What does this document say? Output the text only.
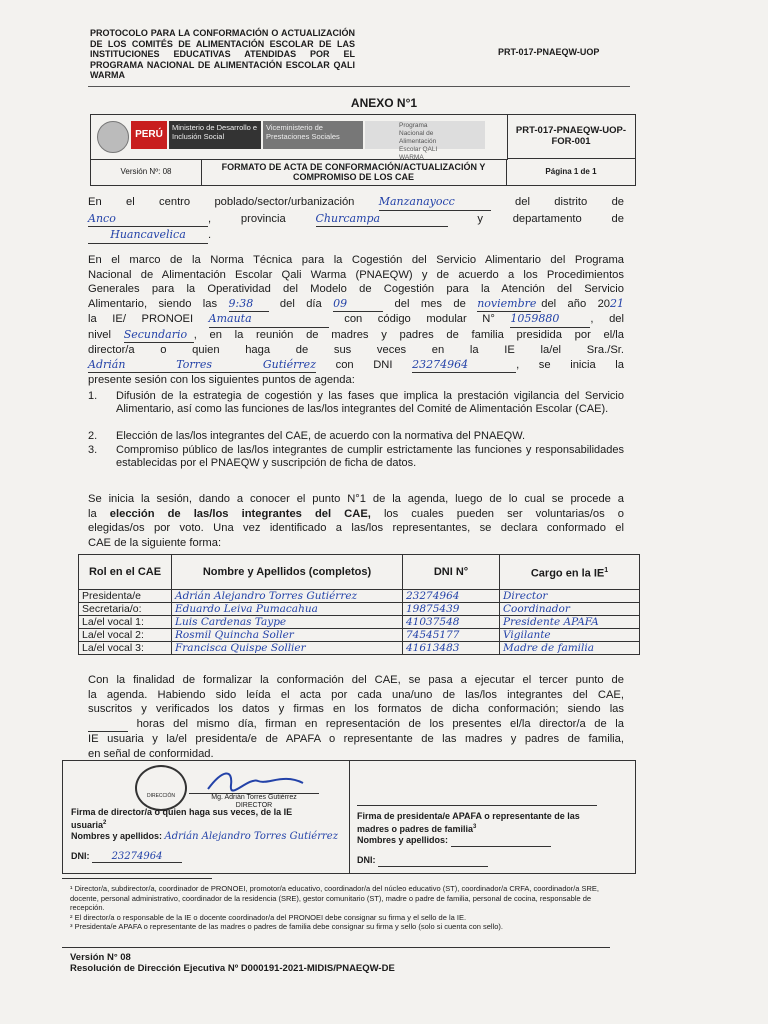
PROTOCOLO PARA LA CONFORMACIÓN O ACTUALIZACIÓN DE LOS COMITÉS DE ALIMENTACIÓN ESCOLAR DE LAS INSTITUCIONES EDUCATIVAS ATENDIDAS POR EL PROGRAMA NACIONAL DE ALIMENTACIÓN ESCOLAR QALI WARMA
PRT-017-PNAEQW-UOP
ANEXO N°1
PERÚ
Ministerio de Desarrollo e Inclusión Social
Viceministerio de Prestaciones Sociales
Programa Nacional de Alimentación Escolar QALI WARMA
PRT-017-PNAEQW-UOP-FOR-001
Versión Nº: 08	FORMATO DE ACTA DE CONFORMACIÓN/ACTUALIZACIÓN Y COMPROMISO DE LOS CAE
Página 1 de 1
En el centro poblado/sector/urbanización Manzanayocc	del distrito de
Anco	, provincia	Churcampa	y departamento de
Huancavelica .
En el marco de la Norma Técnica para la Cogestión del Servicio Alimentario del Programa
Nacional de Alimentación Escolar Qali Warma (PNAEQW) y de acuerdo a los Procedimientos
Generales para la Operatividad del Modelo de Cogestión para la Atención del Servicio
Alimentario, siendo las 9:38 del día 09	del mes de noviembre del año 2021
la IE/ PRONOEI Amauta	con código modular N° 1059880	, del
nivel Secundario , en la reunión de madres y padres de familia presidida por el/la
director/a o quien haga de sus veces en la IE la/el Sra./Sr.
Adrián Torres Gutiérrez con DNI 23274964	, se inicia la
presente sesión con los siguientes puntos de agenda:
1. Difusión de la estrategia de cogestión y las fases que implica la prestación vigilancia del Servicio Alimentario, así como las funciones de las/los integrantes del Comité de Alimentación Escolar (CAE).
2. Elección de las/los integrantes del CAE, de acuerdo con la normativa del PNAEQW.
3. Compromiso público de las/los integrantes de cumplir estrictamente las funciones y responsabilidades establecidas por el PNAEQW y suscripción de ficha de datos.
Se inicia la sesión, dando a conocer el punto N°1 de la agenda, luego de lo cual se procede a
la elección de las/los integrantes del CAE, los cuales pueden ser voluntarias/os o
elegidas/os por voto. Una vez identificado a las/los representantes, se declara conformado el
CAE de la siguiente forma:
Rol en el CAE	Nombre y Apellidos (completos)	DNI N°	Cargo en la $IE^1$
Presidenta/e	Adrián Alejandro Torres Gutiérrez	23274964	Director
Secretaria/o:	Eduardo Leiva Pumacahua	19875439	Coordinador
La/el vocal 1:	Luis Cardenas Taype	41037548	Presidente APAFA
La/el vocal 2:	Rosmil Quincha Soller	74545177	Vigilante
La/el vocal 3:	Francisca Quispe Sollier	41613483	Madre de familia
Con la finalidad de formalizar la conformación del CAE, se pasa a ejecutar el tercer punto de
la agenda. Habiendo sido leída el acta por cada una/uno de las/los integrantes del CAE,
suscritos y verificados los datos y firmas en los formatos de dicha conformación; siendo las
horas del mismo día, firman en representación de los presentes el/la director/a de la
IE usuaria y la/el presidenta/e de APAFA o representante de las madres y padres de familia,
en señal de conformidad.
DIRECCIÓN	Mg. Adrián Torres Gutiérrez
DIRECTOR
Firma de director/a o quien haga sus veces, de la IE
usuaria$^2$
Nombres y apellidos: Adrián Alejandro Torres Gutiérrez
DNI: 23274964
Firma de presidenta/e APAFA o representante de las
madres o padres de familia$^3$
Nombres y apellidos:
DNI:
¹ Director/a, subdirector/a, coordinador de PRONOEI, promotor/a educativo, coordinador/a del núcleo educativo (ST), coordinador/a CRFA, coordinador/a SRE, docente, personal administrativo, coordinador de la residencia (SRE), gestor comunitario (ST), madre o padre de familia, personal de cocina, responsable de recepción.
² El director/a o responsable de la IE o docente coordinador/a del PRONOEI debe consignar su firma y el sello de la IE.
³ Presidenta/e APAFA o representante de las madres o padres de familia debe consignar su firma y sello (solo si cuenta con sello).
Versión N° 08
Resolución de Dirección Ejecutiva Nº D000191-2021-MIDIS/PNAEQW-DE
